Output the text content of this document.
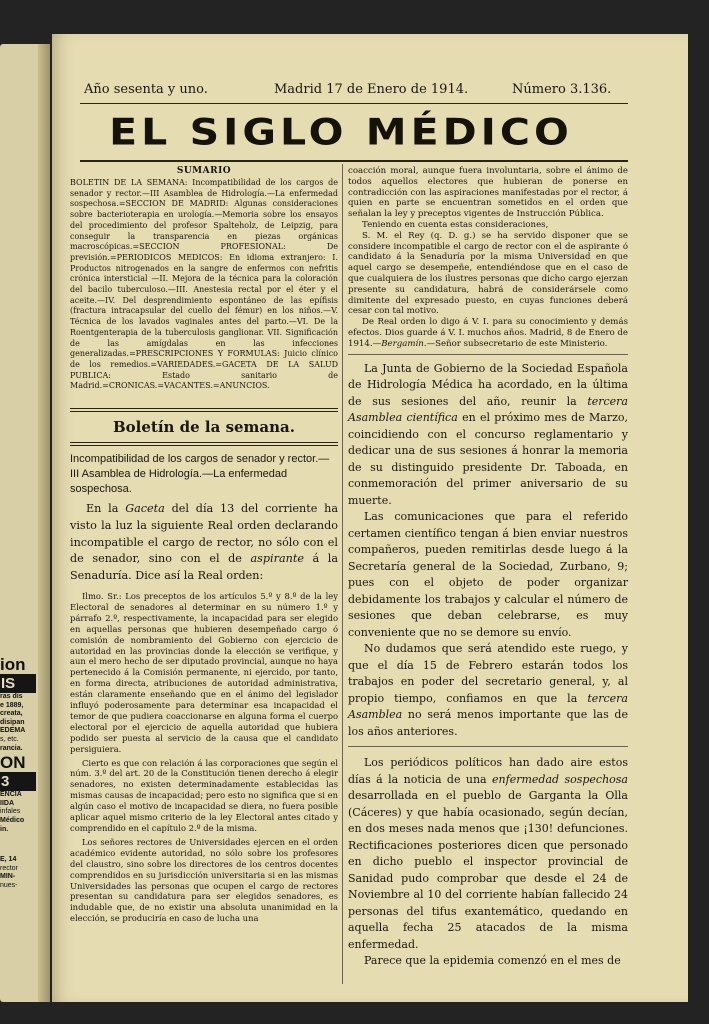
ion
IS
ras dis
e 1889,
creata,
disipan
EDEMA
s, etc.
rancia.
ON
3
ENCIA
IIDA
infales
Médico
in.
E, 14
rector
MIN-
nues-
Año sesenta y uno.	Madrid 17 de Enero de 1914.	Número 3.136.
EL SIGLO MÉDICO
SUMARIO
BOLETIN DE LA SEMANA: Incompatibilidad de los cargos de senador y rector.—III Asamblea de Hidrología.—La enfermedad sospechosa.=SECCION DE MADRID: Algunas consideraciones sobre bacterioterapia en urología.—Memoria sobre los ensayos del procedimiento del profesor Spalteholz, de Leipzig, para conseguir la transparencia en piezas orgánicas macroscópicas.=SECCION PROFESIONAL: De previsión.=PERIODICOS MEDICOS: En idioma extranjero: I. Productos nitrogenados en la sangre de enfermos con nefritis crónica intersticial —II. Mejora de la técnica para la coloración del bacilo tuberculoso.—III. Anestesia rectal por el éter y el aceite.—IV. Del desprendimiento espontáneo de las epífisis (fractura intracapsular del cuello del fémur) en los niños.—V. Técnica de los lavados vaginales antes del parto.—VI. De la Roentgenterapia de la tuberculosis ganglionar. VII. Significación de las amígdalas en las infecciones generalizadas.=PRESCRIPCIONES Y FORMULAS: Juicio clínico de los remedios.=VARIEDADES.=GACETA DE LA SALUD PUBLICA: Estado sanitario de Madrid.=CRONICAS.=VACANTES.=ANUNCIOS.
Boletín de la semana.
Incompatibilidad de los cargos de senador y rector.—III Asamblea de Hidrología.—La enfermedad sospechosa.

En la Gaceta del día 13 del corriente ha visto la luz la siguiente Real orden declarando incompatible el cargo de rector, no sólo con el de senador, sino con el de aspirante á la Senaduría. Dice así la Real orden:

Ilmo. Sr.: Los preceptos de los artículos 5.º y 8.º de la ley Electoral de senadores al determinar en su número 1.º y párrafo 2.º, respectivamente, la incapacidad para ser elegido en aquellas personas que hubieren desempeñado cargo ó comisión de nombramiento del Gobierno con ejercicio de autoridad en las provincias donde la elección se verifique, y aun el mero hecho de ser diputado provincial, aunque no haya pertenecido á la Comisión permanente, ni ejercido, por tanto, en forma directa, atribuciones de autoridad administrativa, están claramente enseñando que en el ánimo del legislador influyó poderosamente para determinar esa incapacidad el temor de que pudiera coaccionarse en alguna forma el cuerpo electoral por el ejercicio de aquella autoridad que hubiera podido ser puesta al servicio de la causa que el candidato persiguiera.

Cierto es que con relación á las corporaciones que según el núm. 3.º del art. 20 de la Constitución tienen derecho á elegir senadores, no existen determinadamente establecidas las mismas causas de incapacidad; pero esto no significa que si en algún caso el motivo de incapacidad se diera, no fuera posible aplicar aquel mismo criterio de la ley Electoral antes citado y comprendido en el capítulo 2.º de la misma.

Los señores rectores de Universidades ejercen en el orden académico evidente autoridad, no sólo sobre los profesores del claustro, sino sobre los directores de los centros docentes comprendidos en su jurisdicción universitaria si en las mismas Universidades las personas que ocupen el cargo de rectores presentan su candidatura para ser elegidos senadores, es indudable que, de no existir una absoluta unanimidad en la elección, se produciría en caso de lucha una

coacción moral, aunque fuera involuntaria, sobre el ánimo de todos aquellos electores que hubieran de ponerse en contradicción con las aspiraciones manifestadas por el rector, á quien en parte se encuentran sometidos en el orden que señalan la ley y preceptos vigentes de Instrucción Pública.

Teniendo en cuenta estas consideraciones,

S. M. el Rey (q. D. g.) se ha servido disponer que se considere incompatible el cargo de rector con el de aspirante ó candidato á la Senaduría por la misma Universidad en que aquel cargo se desempeñe, entendiéndose que en el caso de que cualquiera de los ilustres personas que dicho cargo ejerzan presente su candidatura, habrá de considerársele como dimitente del expresado puesto, en cuyas funciones deberá cesar con tal motivo.

De Real orden lo digo á V. I. para su conocimiento y demás efectos. Dios guarde á V. I. muchos años. Madrid, 8 de Enero de 1914.—Bergamín.—Señor subsecretario de este Ministerio.

La Junta de Gobierno de la Sociedad Española de Hidrología Médica ha acordado, en la última de sus sesiones del año, reunir la tercera Asamblea científica en el próximo mes de Marzo, coincidiendo con el concurso reglamentario y dedicar una de sus sesiones á honrar la memoria de su distinguido presidente Dr. Taboada, en conmemoración del primer aniversario de su muerte.

Las comunicaciones que para el referido certamen científico tengan á bien enviar nuestros compañeros, pueden remitirlas desde luego á la Secretaría general de la Sociedad, Zurbano, 9; pues con el objeto de poder organizar debidamente los trabajos y calcular el número de sesiones que deban celebrarse, es muy conveniente que no se demore su envío.

No dudamos que será atendido este ruego, y que el día 15 de Febrero estarán todos los trabajos en poder del secretario general, y, al propio tiempo, confiamos en que la tercera Asamblea no será menos importante que las de los años anteriores.

Los periódicos políticos han dado aire estos días á la noticia de una enfermedad sospechosa desarrollada en el pueblo de Garganta la Olla (Cáceres) y que había ocasionado, según decían, en dos meses nada menos que ¡130! defunciones. Rectificaciones posteriores dicen que personado en dicho pueblo el inspector provincial de Sanidad pudo comprobar que desde el 24 de Noviembre al 10 del corriente habían fallecido 24 personas del tifus exantemático, quedando en aquella fecha 25 atacados de la misma enfermedad.

Parece que la epidemia comenzó en el mes de
